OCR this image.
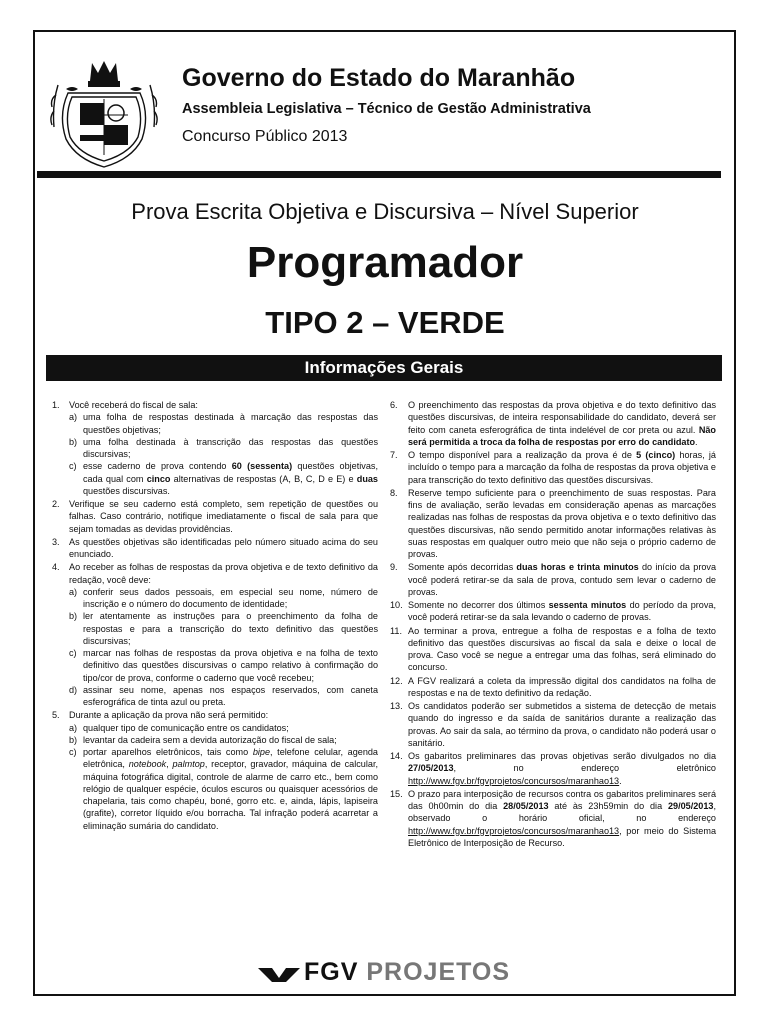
Governo do Estado do Maranhão
Assembleia Legislativa – Técnico de Gestão Administrativa
Concurso Público 2013
Prova Escrita Objetiva e Discursiva – Nível Superior
Programador
TIPO 2 – VERDE
Informações Gerais
1. Você receberá do fiscal de sala:
a) uma folha de respostas destinada à marcação das respostas das questões objetivas;
b) uma folha destinada à transcrição das respostas das questões discursivas;
c) esse caderno de prova contendo 60 (sessenta) questões objetivas, cada qual com cinco alternativas de respostas (A, B, C, D e E) e duas questões discursivas.
2. Verifique se seu caderno está completo, sem repetição de questões ou falhas. Caso contrário, notifique imediatamente o fiscal de sala para que sejam tomadas as devidas providências.
3. As questões objetivas são identificadas pelo número situado acima do seu enunciado.
4. Ao receber as folhas de respostas da prova objetiva e de texto definitivo da redação, você deve:
a) conferir seus dados pessoais, em especial seu nome, número de inscrição e o número do documento de identidade;
b) ler atentamente as instruções para o preenchimento da folha de respostas e para a transcrição do texto definitivo das questões discursivas;
c) marcar nas folhas de respostas da prova objetiva e na folha de texto definitivo das questões discursivas o campo relativo à confirmação do tipo/cor de prova, conforme o caderno que você recebeu;
d) assinar seu nome, apenas nos espaços reservados, com caneta esferográfica de tinta azul ou preta.
5. Durante a aplicação da prova não será permitido:
a) qualquer tipo de comunicação entre os candidatos;
b) levantar da cadeira sem a devida autorização do fiscal de sala;
c) portar aparelhos eletrônicos, tais como bipe, telefone celular, agenda eletrônica, notebook, palmtop, receptor, gravador, máquina de calcular, máquina fotográfica digital, controle de alarme de carro etc., bem como relógio de qualquer espécie, óculos escuros ou quaisquer acessórios de chapelaria, tais como chapéu, boné, gorro etc. e, ainda, lápis, lapiseira (grafite), corretor líquido e/ou borracha. Tal infração poderá acarretar a eliminação sumária do candidato.
6. O preenchimento das respostas da prova objetiva e do texto definitivo das questões discursivas, de inteira responsabilidade do candidato, deverá ser feito com caneta esferográfica de tinta indelével de cor preta ou azul. Não será permitida a troca da folha de respostas por erro do candidato.
7. O tempo disponível para a realização da prova é de 5 (cinco) horas, já incluído o tempo para a marcação da folha de respostas da prova objetiva e para transcrição do texto definitivo das questões discursivas.
8. Reserve tempo suficiente para o preenchimento de suas respostas. Para fins de avaliação, serão levadas em consideração apenas as marcações realizadas nas folhas de respostas da prova objetiva e o texto definitivo das questões discursivas, não sendo permitido anotar informações relativas às suas respostas em qualquer outro meio que não seja o próprio caderno de provas.
9. Somente após decorridas duas horas e trinta minutos do início da prova você poderá retirar-se da sala de prova, contudo sem levar o caderno de provas.
10. Somente no decorrer dos últimos sessenta minutos do período da prova, você poderá retirar-se da sala levando o caderno de provas.
11. Ao terminar a prova, entregue a folha de respostas e a folha de texto definitivo das questões discursivas ao fiscal da sala e deixe o local de prova. Caso você se negue a entregar uma das folhas, será eliminado do concurso.
12. A FGV realizará a coleta da impressão digital dos candidatos na folha de respostas e na de texto definitivo da redação.
13. Os candidatos poderão ser submetidos a sistema de detecção de metais quando do ingresso e da saída de sanitários durante a realização das provas. Ao sair da sala, ao término da prova, o candidato não poderá usar o sanitário.
14. Os gabaritos preliminares das provas objetivas serão divulgados no dia 27/05/2013, no endereço eletrônico http://www.fgv.br/fgvprojetos/concursos/maranhao13.
15. O prazo para interposição de recursos contra os gabaritos preliminares será das 0h00min do dia 28/05/2013 até às 23h59min do dia 29/05/2013, observado o horário oficial, no endereço http://www.fgv.br/fgvprojetos/concursos/maranhao13, por meio do Sistema Eletrônico de Interposição de Recurso.
FGV PROJETOS
